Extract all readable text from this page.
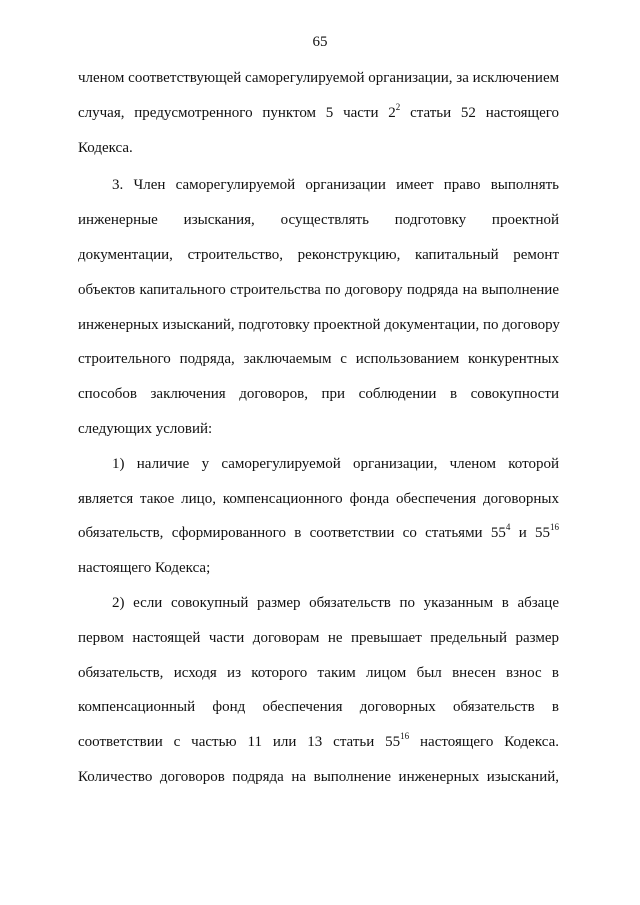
65
членом соответствующей саморегулируемой организации, за исключением
случая, предусмотренного пунктом 5 части $2^2$ статьи 52 настоящего
Кодекса.
3. Член саморегулируемой организации имеет право выполнять
инженерные изыскания, осуществлять подготовку проектной
документации, строительство, реконструкцию, капитальный ремонт
объектов капитального строительства по договору подряда на выполнение
инженерных изысканий, подготовку проектной документации, по договору
строительного подряда, заключаемым с использованием конкурентных
способов заключения договоров, при соблюдении в совокупности
следующих условий:
1) наличие у саморегулируемой организации, членом которой
является такое лицо, компенсационного фонда обеспечения договорных
обязательств, сформированного в соответствии со статьями $55^4$ и $55^{16}$
настоящего Кодекса;
2) если совокупный размер обязательств по указанным в абзаце
первом настоящей части договорам не превышает предельный размер
обязательств, исходя из которого таким лицом был внесен взнос в
компенсационный фонд обеспечения договорных обязательств в
соответствии с частью 11 или 13 статьи $55^{16}$ настоящего Кодекса.
Количество договоров подряда на выполнение инженерных изысканий,
